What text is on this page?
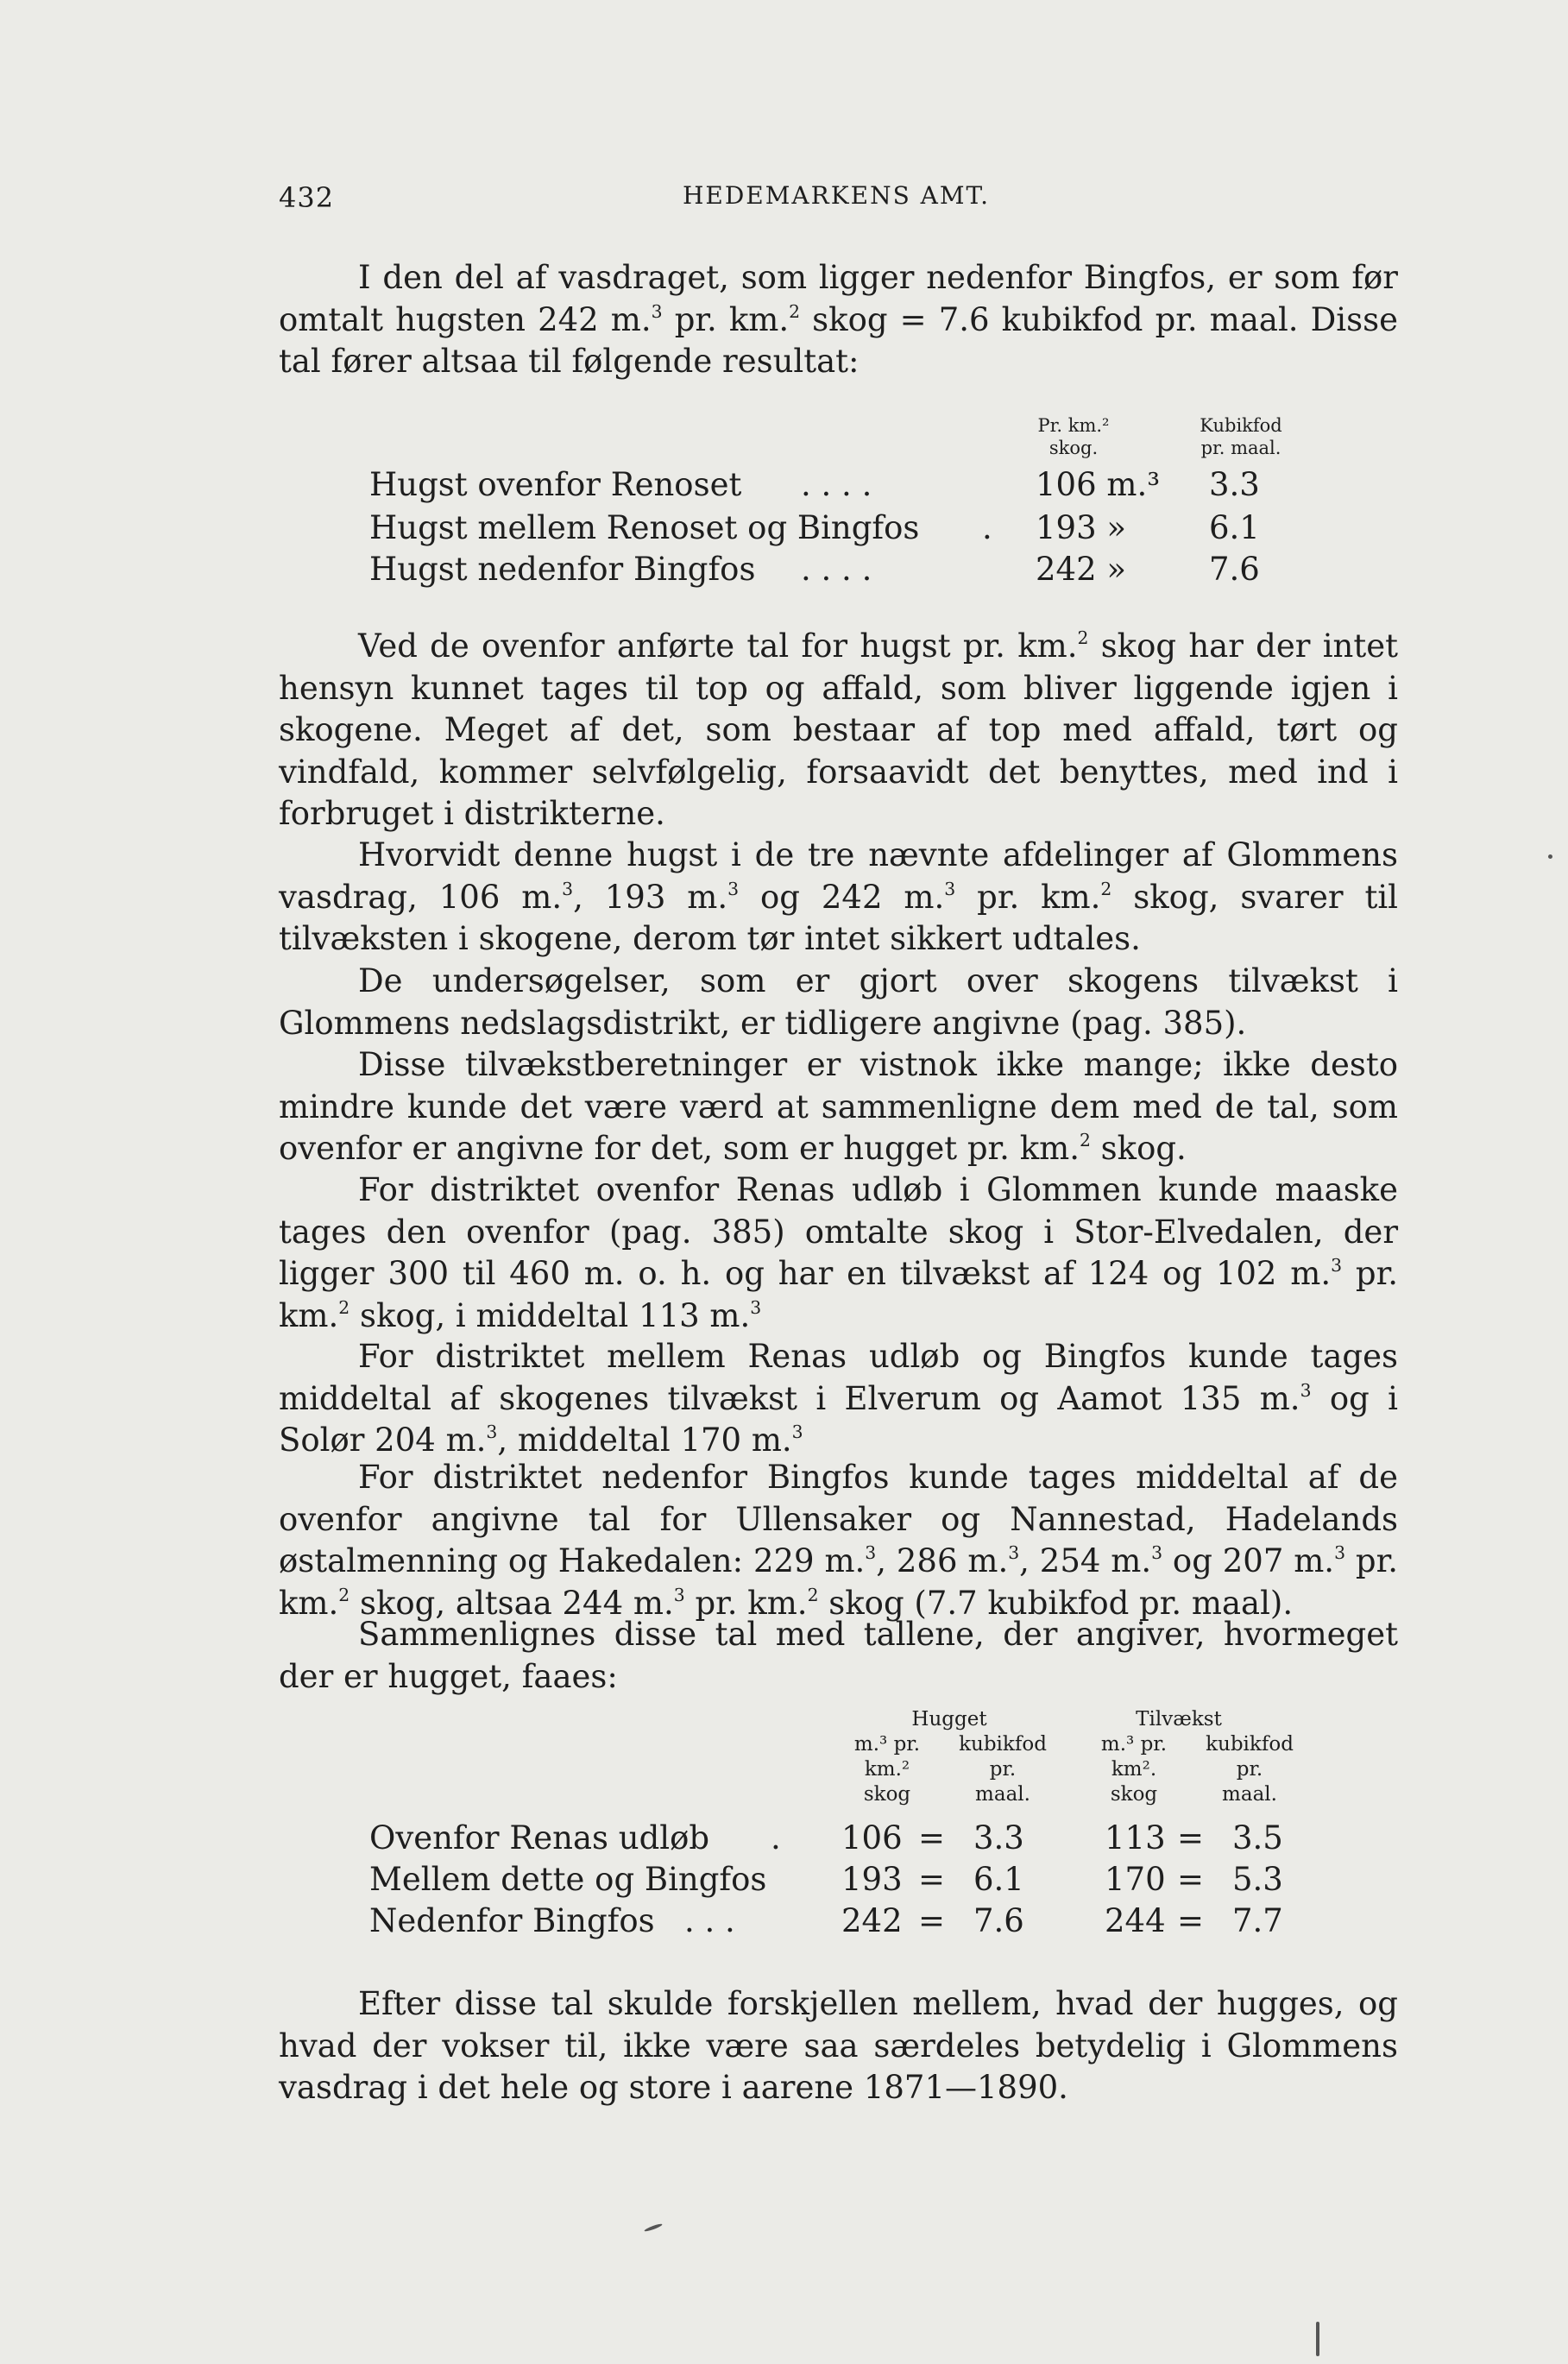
432	HEDEMARKENS AMT.

I den del af vasdraget, som ligger nedenfor Bingfos, er som før omtalt hugsten 242 m.$^3$ pr. km.$^2$ skog = 7.6 kubikfod pr. maal. Disse tal fører altsaa til følgende resultat:

Pr. km.²
skog.
Kubikfod
pr. maal.
Hugst ovenfor Renoset . . . .	106 m.³ 3.3
Hugst mellem Renoset og Bingfos . 193 »	6.1
Hugst nedenfor Bingfos . . . .	242 »	7.6

Ved de ovenfor anførte tal for hugst pr. km.$^2$ skog har der intet hensyn kunnet tages til top og affald, som bliver liggende igjen i skogene. Meget af det, som bestaar af top med affald, tørt og vindfald, kommer selvfølgelig, forsaavidt det benyttes, med ind i forbruget i distrikterne.

Hvorvidt denne hugst i de tre nævnte afdelinger af Glommens vasdrag, 106 m.$^3$, 193 m.$^3$ og 242 m.$^3$ pr. km.$^2$ skog, svarer til tilvæksten i skogene, derom tør intet sikkert udtales.

De undersøgelser, som er gjort over skogens tilvækst i Glommens nedslagsdistrikt, er tidligere angivne (pag. 385).

Disse tilvækstberetninger er vistnok ikke mange; ikke desto mindre kunde det være værd at sammenligne dem med de tal, som ovenfor er angivne for det, som er hugget pr. km.$^2$ skog.

For distriktet ovenfor Renas udløb i Glommen kunde maaske tages den ovenfor (pag. 385) omtalte skog i Stor-Elvedalen, der ligger 300 til 460 m. o. h. og har en tilvækst af 124 og 102 m.$^3$ pr. km.$^2$ skog, i middeltal 113 m.$^3$

For distriktet mellem Renas udløb og Bingfos kunde tages middeltal af skogenes tilvækst i Elverum og Aamot 135 m.$^3$ og i Solør 204 m.$^3$, middeltal 170 m.$^3$

For distriktet nedenfor Bingfos kunde tages middeltal af de ovenfor angivne tal for Ullensaker og Nannestad, Hadelands østalmenning og Hakedalen: 229 m.$^3$, 286 m.$^3$, 254 m.$^3$ og 207 m.$^3$ pr. km.$^2$ skog, altsaa 244 m.$^3$ pr. km.$^2$ skog (7.7 kubikfod pr. maal).

Sammenlignes disse tal med tallene, der angiver, hvormeget der er hugget, faaes:

Hugget	Tilvækst
m.³ pr.
km.²
skog
kubikfod
pr.
maal.
m.³ pr.
km².
skog
kubikfod
pr.
maal.
Ovenfor Renas udløb . 106 = 3.3	113 = 3.5
Mellem dette og Bingfos 193 = 6.1	170 = 5.3
Nedenfor Bingfos . . .	242 = 7.6	244 = 7.7

Efter disse tal skulde forskjellen mellem, hvad der hugges, og hvad der vokser til, ikke være saa særdeles betydelig i Glommens vasdrag i det hele og store i aarene 1871—1890.
